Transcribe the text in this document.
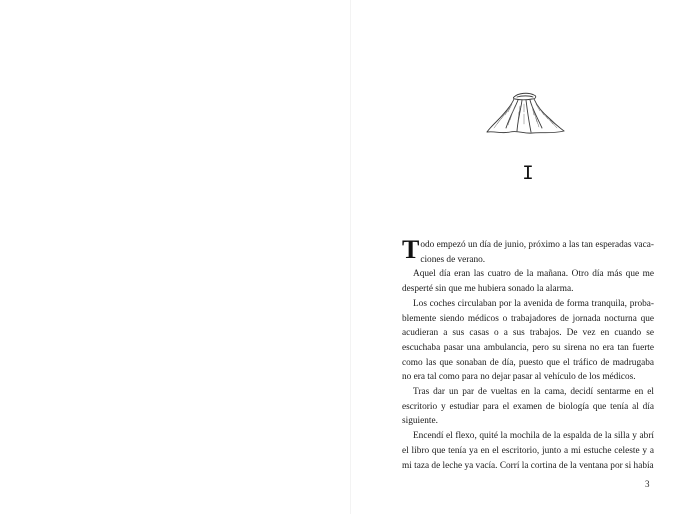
I

Todo empezó un día de junio, próximo a las tan esperadas vacaciones de verano.

Aquel día eran las cuatro de la mañana. Otro día más que me desperté sin que me hubiera sonado la alarma.

Los coches circulaban por la avenida de forma tranquila, probablemente siendo médicos o trabajadores de jornada nocturna que acudieran a sus casas o a sus trabajos. De vez en cuando se escuchaba pasar una ambulancia, pero su sirena no era tan fuerte como las que sonaban de día, puesto que el tráfico de madrugaba no era tal como para no dejar pasar al vehículo de los médicos.

Tras dar un par de vueltas en la cama, decidí sentarme en el escritorio y estudiar para el examen de biología que tenía al día siguiente.

Encendí el flexo, quité la mochila de la espalda de la silla y abrí el libro que tenía ya en el escritorio, junto a mi estuche celeste y a mi taza de leche ya vacía. Corrí la cortina de la ventana por si había

3
